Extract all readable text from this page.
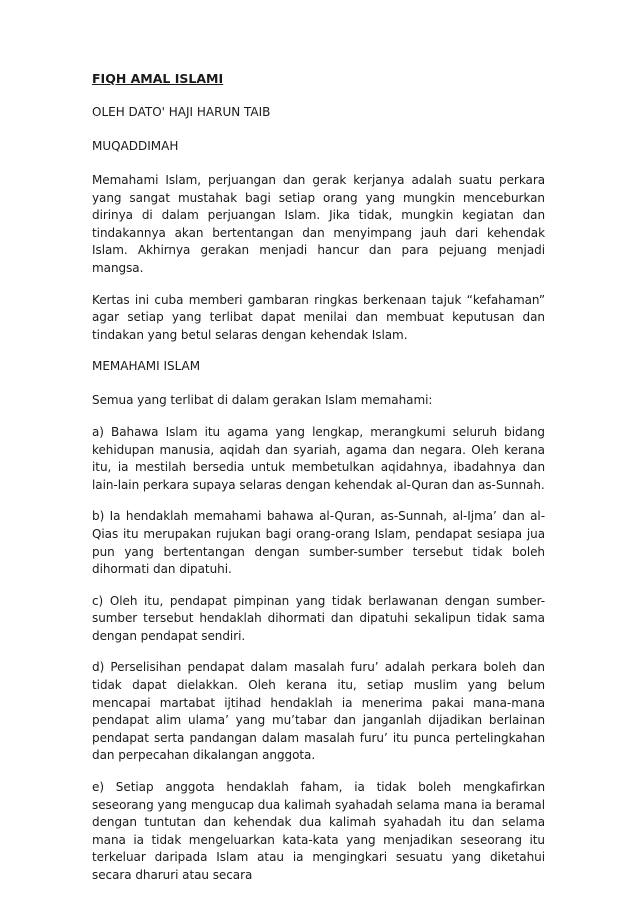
FIQH AMAL ISLAMI

OLEH DATO' HAJI HARUN TAIB

MUQADDIMAH

Memahami Islam, perjuangan dan gerak kerjanya adalah suatu perkara yang sangat mustahak bagi setiap orang yang mungkin menceburkan dirinya di dalam perjuangan Islam. Jika tidak, mungkin kegiatan dan tindakannya akan bertentangan dan menyimpang jauh dari kehendak Islam. Akhirnya gerakan menjadi hancur dan para pejuang menjadi mangsa.

Kertas ini cuba memberi gambaran ringkas berkenaan tajuk “kefahaman” agar setiap yang terlibat dapat menilai dan membuat keputusan dan tindakan yang betul selaras dengan kehendak Islam.

MEMAHAMI ISLAM

Semua yang terlibat di dalam gerakan Islam memahami:

a) Bahawa Islam itu agama yang lengkap, merangkumi seluruh bidang kehidupan manusia, aqidah dan syariah, agama dan negara. Oleh kerana itu, ia mestilah bersedia untuk membetulkan aqidahnya, ibadahnya dan lain-lain perkara supaya selaras dengan kehendak al-Quran dan as-Sunnah.

b) Ia hendaklah memahami bahawa al-Quran, as-Sunnah, al-Ijma’ dan al-Qias itu merupakan rujukan bagi orang-orang Islam, pendapat sesiapa jua pun yang bertentangan dengan sumber-sumber tersebut tidak boleh dihormati dan dipatuhi.

c) Oleh itu, pendapat pimpinan yang tidak berlawanan dengan sumber-sumber tersebut hendaklah dihormati dan dipatuhi sekalipun tidak sama dengan pendapat sendiri.

d) Perselisihan pendapat dalam masalah furu’ adalah perkara boleh dan tidak dapat dielakkan. Oleh kerana itu, setiap muslim yang belum mencapai martabat ijtihad hendaklah ia menerima pakai mana-mana pendapat alim ulama’ yang mu’tabar dan janganlah dijadikan berlainan pendapat serta pandangan dalam masalah furu’ itu punca pertelingkahan dan perpecahan dikalangan anggota.

e) Setiap anggota hendaklah faham, ia tidak boleh mengkafirkan seseorang yang mengucap dua kalimah syahadah selama mana ia beramal dengan tuntutan dan kehendak dua kalimah syahadah itu dan selama mana ia tidak mengeluarkan kata-kata yang menjadikan seseorang itu terkeluar daripada Islam atau ia mengingkari sesuatu yang diketahui secara dharuri atau secara
